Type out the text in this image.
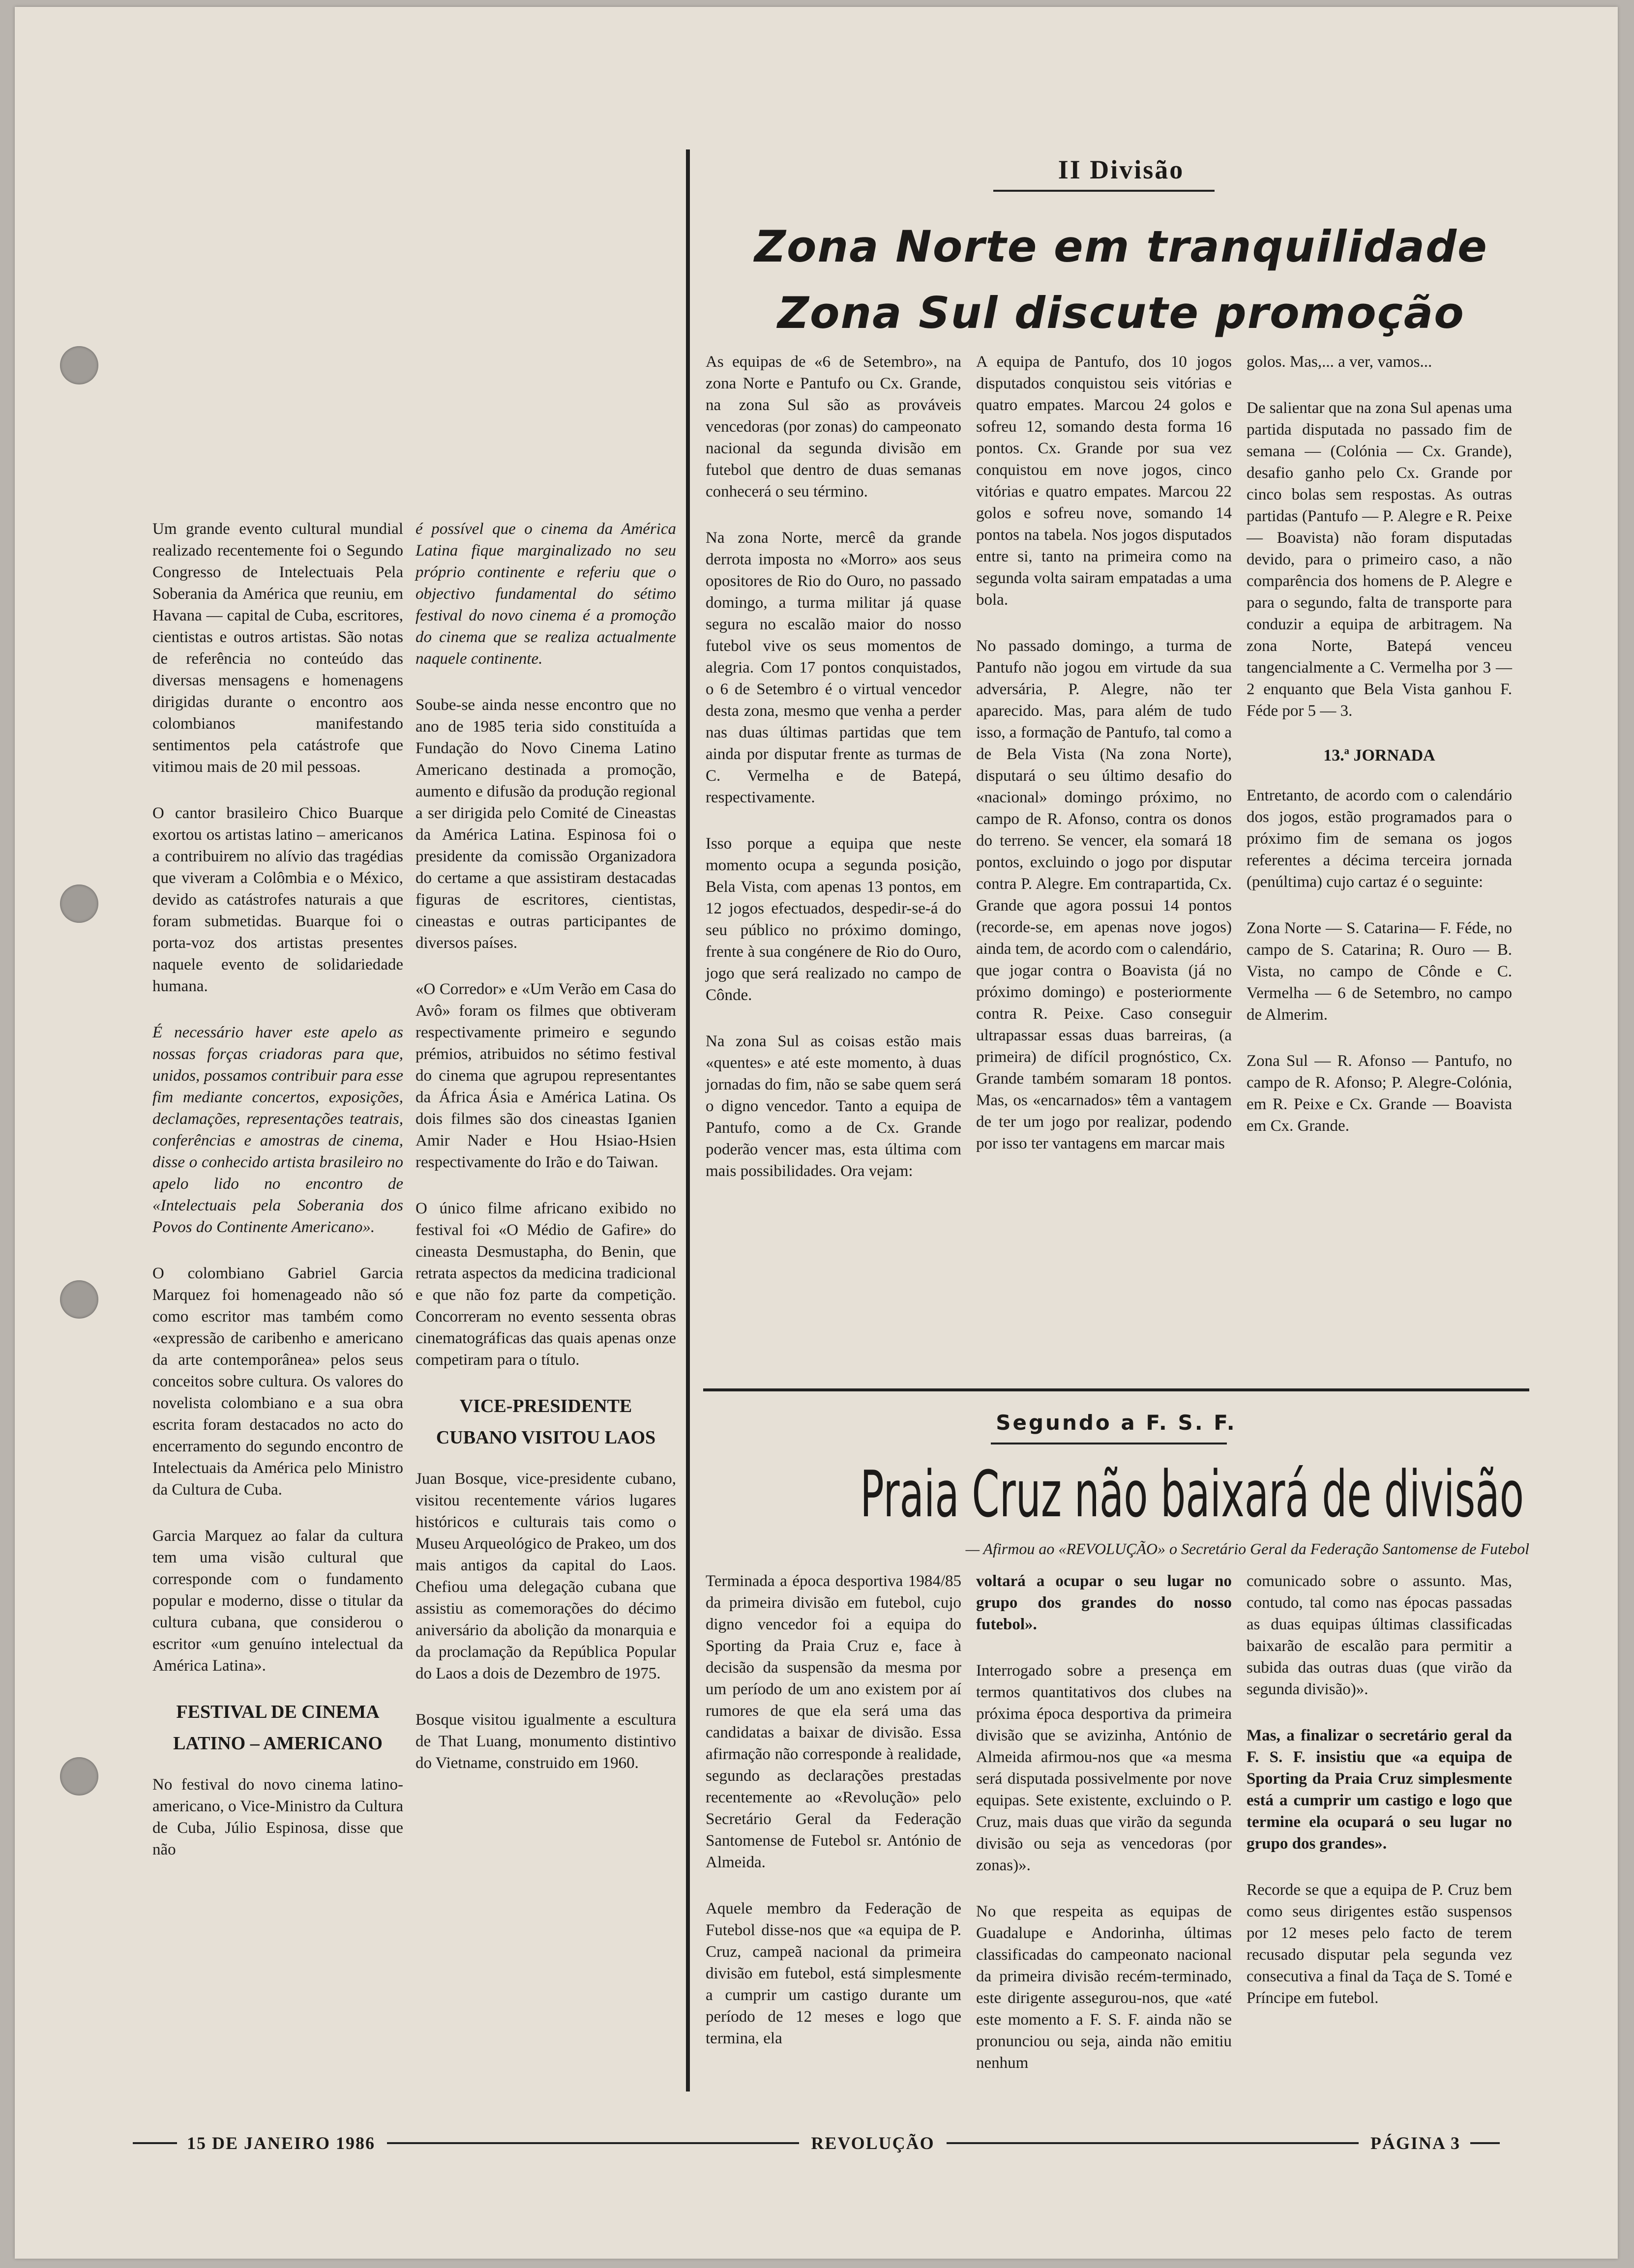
Um grande evento cultural mundial realizado recentemente foi o Segundo Congresso de Intelectuais Pela Soberania da América que reuniu, em Havana — capital de Cuba, escritores, cientistas e outros artistas. São notas de referência no conteúdo das diversas mensagens e homenagens dirigidas durante o encontro aos colombianos manifestando sentimentos pela catástrofe que vitimou mais de 20 mil pessoas.

O cantor brasileiro Chico Buarque exortou os artistas latino – americanos a contribuirem no alívio das tragédias que viveram a Colômbia e o México, devido as catástrofes naturais a que foram submetidas. Buarque foi o porta-voz dos artistas presentes naquele evento de solidariedade humana.

É necessário haver este apelo as nossas forças criadoras para que, unidos, possamos contribuir para esse fim mediante concertos, exposições, declamações, representações teatrais, conferências e amostras de cinema, disse o conhecido artista brasileiro no apelo lido no encontro de «Intelectuais pela Soberania dos Povos do Continente Americano».

O colombiano Gabriel Garcia Marquez foi homenageado não só como escritor mas também como «expressão de caribenho e americano da arte contemporânea» pelos seus conceitos sobre cultura. Os valores do novelista colombiano e a sua obra escrita foram destacados no acto do encerramento do segundo encontro de Intelectuais da América pelo Ministro da Cultura de Cuba.

Garcia Marquez ao falar da cultura tem uma visão cultural que corresponde com o fundamento popular e moderno, disse o titular da cultura cubana, que considerou o escritor «um genuíno intelectual da América Latina».

FESTIVAL DE CINEMA
LATINO – AMERICANO

No festival do novo cinema latino-americano, o Vice-Ministro da Cultura de Cuba, Júlio Espinosa, disse que não

é possível que o cinema da América Latina fique marginalizado no seu próprio continente e referiu que o objectivo fundamental do sétimo festival do novo cinema é a promoção do cinema que se realiza actualmente naquele continente.

Soube-se ainda nesse encontro que no ano de 1985 teria sido constituída a Fundação do Novo Cinema Latino Americano destinada a promoção, aumento e difusão da produção regional a ser dirigida pelo Comité de Cineastas da América Latina. Espinosa foi o presidente da comissão Organizadora do certame a que assistiram destacadas figuras de escritores, cientistas, cineastas e outras participantes de diversos países.

«O Corredor» e «Um Verão em Casa do Avô» foram os filmes que obtiveram respectivamente primeiro e segundo prémios, atribuidos no sétimo festival do cinema que agrupou representantes da África Ásia e América Latina. Os dois filmes são dos cineastas Iganien Amir Nader e Hou Hsiao-Hsien respectivamente do Irão e do Taiwan.

O único filme africano exibido no festival foi «O Médio de Gafire» do cineasta Desmustapha, do Benin, que retrata aspectos da medicina tradicional e que não foz parte da competição. Concorreram no evento sessenta obras cinematográficas das quais apenas onze competiram para o título.

VICE-PRESIDENTE
CUBANO VISITOU LAOS

Juan Bosque, vice-presidente cubano, visitou recentemente vários lugares históricos e culturais tais como o Museu Arqueológico de Prakeo, um dos mais antigos da capital do Laos. Chefiou uma delegação cubana que assistiu as comemorações do décimo aniversário da abolição da monarquia e da proclamação da República Popular do Laos a dois de Dezembro de 1975.

Bosque visitou igualmente a escultura de That Luang, monumento distintivo do Vietname, construido em 1960.

II Divisão
Zona Norte em tranquilidade
Zona Sul discute promoção

As equipas de «6 de Setembro», na zona Norte e Pantufo ou Cx. Grande, na zona Sul são as prováveis vencedoras (por zonas) do campeonato nacional da segunda divisão em futebol que dentro de duas semanas conhecerá o seu término.

Na zona Norte, mercê da grande derrota imposta no «Morro» aos seus opositores de Rio do Ouro, no passado domingo, a turma militar já quase segura no escalão maior do nosso futebol vive os seus momentos de alegria. Com 17 pontos conquistados, o 6 de Setembro é o virtual vencedor desta zona, mesmo que venha a perder nas duas últimas partidas que tem ainda por disputar frente as turmas de C. Vermelha e de Batepá, respectivamente.

Isso porque a equipa que neste momento ocupa a segunda posição, Bela Vista, com apenas 13 pontos, em 12 jogos efectuados, despedir-se-á do seu público no próximo domingo, frente à sua congénere de Rio do Ouro, jogo que será realizado no campo de Cônde.

Na zona Sul as coisas estão mais «quentes» e até este momento, à duas jornadas do fim, não se sabe quem será o digno vencedor. Tanto a equipa de Pantufo, como a de Cx. Grande poderão vencer mas, esta última com mais possibilidades. Ora vejam:

A equipa de Pantufo, dos 10 jogos disputados conquistou seis vitórias e quatro empates. Marcou 24 golos e sofreu 12, somando desta forma 16 pontos. Cx. Grande por sua vez conquistou em nove jogos, cinco vitórias e quatro empates. Marcou 22 golos e sofreu nove, somando 14 pontos na tabela. Nos jogos disputados entre si, tanto na primeira como na segunda volta sairam empatadas a uma bola.

No passado domingo, a turma de Pantufo não jogou em virtude da sua adversária, P. Alegre, não ter aparecido. Mas, para além de tudo isso, a formação de Pantufo, tal como a de Bela Vista (Na zona Norte), disputará o seu último desafio do «nacional» domingo próximo, no campo de R. Afonso, contra os donos do terreno. Se vencer, ela somará 18 pontos, excluindo o jogo por disputar contra P. Alegre. Em contrapartida, Cx. Grande que agora possui 14 pontos (recorde-se, em apenas nove jogos) ainda tem, de acordo com o calendário, que jogar contra o Boavista (já no próximo domingo) e posteriormente contra R. Peixe. Caso conseguir ultrapassar essas duas barreiras, (a primeira) de difícil prognóstico, Cx. Grande também somaram 18 pontos. Mas, os «encarnados» têm a vantagem de ter um jogo por realizar, podendo por isso ter vantagens em marcar mais

golos. Mas,... a ver, vamos...

De salientar que na zona Sul apenas uma partida disputada no passado fim de semana — (Colónia — Cx. Grande), desafio ganho pelo Cx. Grande por cinco bolas sem respostas. As outras partidas (Pantufo — P. Alegre e R. Peixe — Boavista) não foram disputadas devido, para o primeiro caso, a não comparência dos homens de P. Alegre e para o segundo, falta de transporte para conduzir a equipa de arbitragem. Na zona Norte, Batepá venceu tangencialmente a C. Vermelha por 3 — 2 enquanto que Bela Vista ganhou F. Féde por 5 — 3.

13.ª JORNADA

Entretanto, de acordo com o calendário dos jogos, estão programados para o próximo fim de semana os jogos referentes a décima terceira jornada (penúltima) cujo cartaz é o seguinte:

Zona Norte — S. Catarina— F. Féde, no campo de S. Catarina; R. Ouro — B. Vista, no campo de Cônde e C. Vermelha — 6 de Setembro, no campo de Almerim.

Zona Sul — R. Afonso — Pantufo, no campo de R. Afonso; P. Alegre-Colónia, em R. Peixe e Cx. Grande — Boavista em Cx. Grande.

Segundo a F. S. F.
Praia Cruz não baixará de divisão
— Afirmou ao «REVOLUÇÃO» o Secretário Geral da Federação Santomense de Futebol

Terminada a época desportiva 1984/85 da primeira divisão em futebol, cujo digno vencedor foi a equipa do Sporting da Praia Cruz e, face à decisão da suspensão da mesma por um período de um ano existem por aí rumores de que ela será uma das candidatas a baixar de divisão. Essa afirmação não corresponde à realidade, segundo as declarações prestadas recentemente ao «Revolução» pelo Secretário Geral da Federação Santomense de Futebol sr. António de Almeida.

Aquele membro da Federação de Futebol disse-nos que «a equipa de P. Cruz, campeã nacional da primeira divisão em futebol, está simplesmente a cumprir um castigo durante um período de 12 meses e logo que termina, ela

voltará a ocupar o seu lugar no grupo dos grandes do nosso futebol».

Interrogado sobre a presença em termos quantitativos dos clubes na próxima época desportiva da primeira divisão que se avizinha, António de Almeida afirmou-nos que «a mesma será disputada possivelmente por nove equipas. Sete existente, excluindo o P. Cruz, mais duas que virão da segunda divisão ou seja as vencedoras (por zonas)».

No que respeita as equipas de Guadalupe e Andorinha, últimas classificadas do campeonato nacional da primeira divisão recém-terminado, este dirigente assegurou-nos, que «até este momento a F. S. F. ainda não se pronunciou ou seja, ainda não emitiu nenhum

comunicado sobre o assunto. Mas, contudo, tal como nas épocas passadas as duas equipas últimas classificadas baixarão de escalão para permitir a subida das outras duas (que virão da segunda divisão)».

Mas, a finalizar o secretário geral da F. S. F. insistiu que «a equipa de Sporting da Praia Cruz simplesmente está a cumprir um castigo e logo que termine ela ocupará o seu lugar no grupo dos grandes».

Recorde se que a equipa de P. Cruz bem como seus dirigentes estão suspensos por 12 meses pelo facto de terem recusado disputar pela segunda vez consecutiva a final da Taça de S. Tomé e Príncipe em futebol.

15 DE JANEIRO 1986	REVOLUÇÃO	PÁGINA 3
